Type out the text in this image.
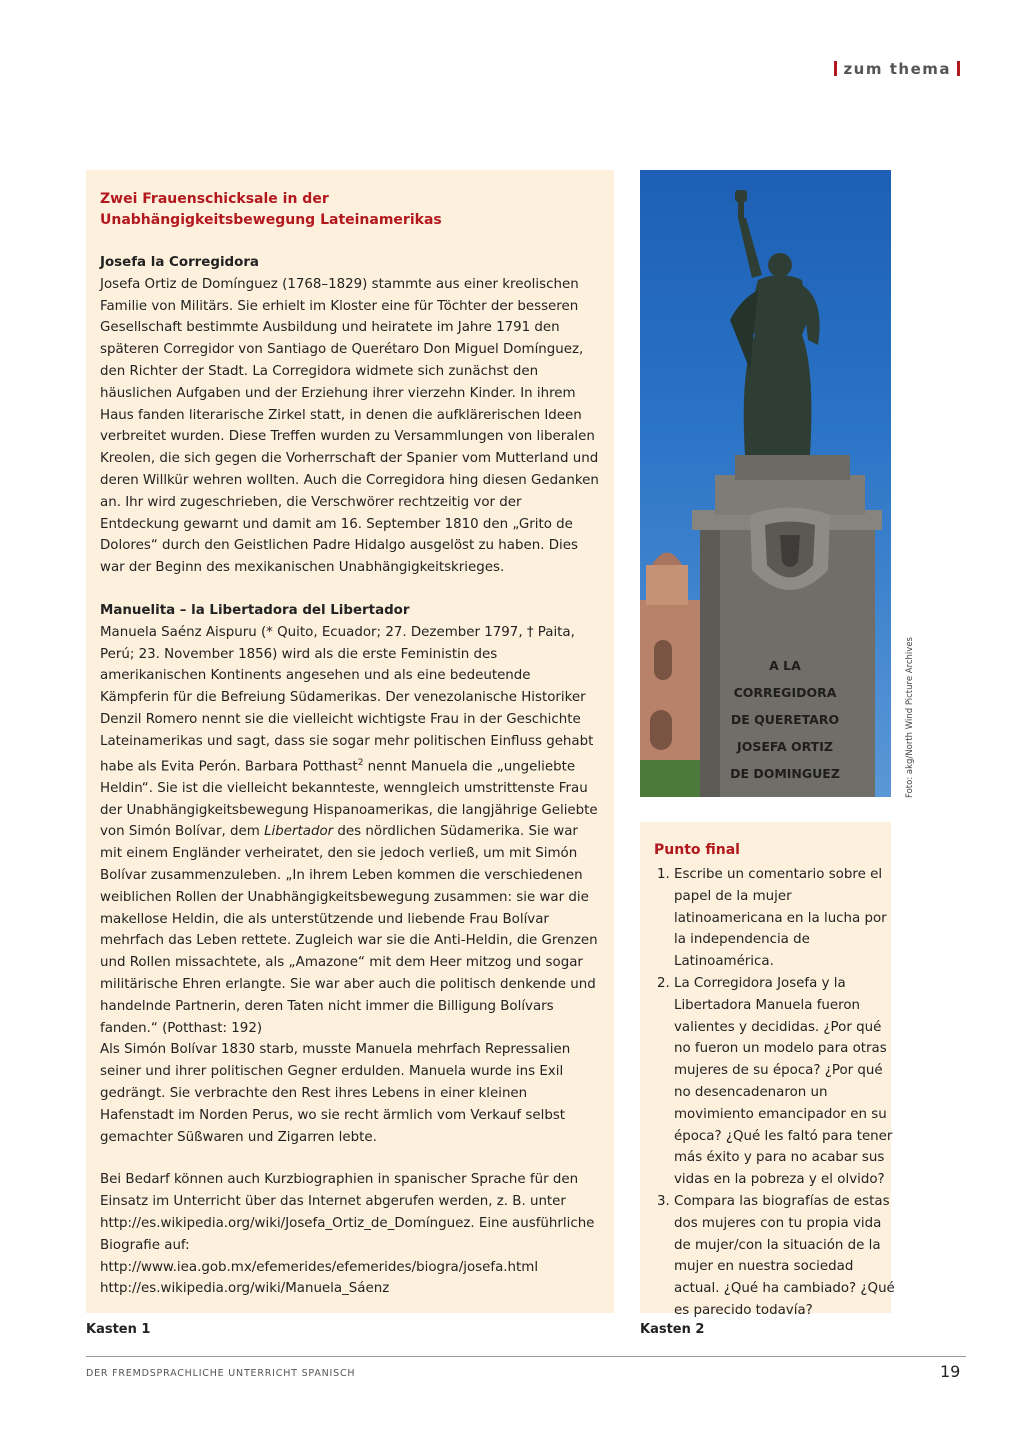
zum thema
Zwei Frauenschicksale in der
Unabhängigkeitsbewegung Lateinamerikas
Josefa la Corregidora

Josefa Ortiz de Domínguez (1768–1829) stammte aus einer kreolischen Familie von Militärs. Sie erhielt im Kloster eine für Töchter der besseren Gesellschaft bestimmte Ausbildung und heiratete im Jahre 1791 den späteren Corregidor von Santiago de Querétaro Don Miguel Domínguez, den Richter der Stadt. La Corregidora widmete sich zunächst den häuslichen Aufgaben und der Erziehung ihrer vierzehn Kinder. In ihrem Haus fanden literarische Zirkel statt, in denen die aufklärerischen Ideen verbreitet wurden. Diese Treffen wurden zu Versammlungen von liberalen Kreolen, die sich gegen die Vorherrschaft der Spanier vom Mutterland und deren Willkür wehren wollten. Auch die Corregidora hing diesen Gedanken an. Ihr wird zugeschrieben, die Verschwörer rechtzeitig vor der Entdeckung gewarnt und damit am 16. September 1810 den „Grito de Dolores“ durch den Geistlichen Padre Hidalgo ausgelöst zu haben. Dies war der Beginn des mexikanischen Unabhängigkeitskrieges.

Manuelita – la Libertadora del Libertador

Manuela Saénz Aispuru (* Quito, Ecuador; 27. Dezember 1797, † Paita, Perú; 23. November 1856) wird als die erste Feministin des amerikanischen Kontinents angesehen und als eine bedeutende Kämpferin für die Befreiung Südamerikas. Der venezolanische Historiker Denzil Romero nennt sie die vielleicht wichtigste Frau in der Geschichte Lateinamerikas und sagt, dass sie sogar mehr politischen Einfluss gehabt habe als Evita Perón. Barbara Potthast$^2$ nennt Manuela die „ungeliebte Heldin“. Sie ist die vielleicht bekannteste, wenngleich umstrittenste Frau der Unabhängigkeitsbewegung Hispanoamerikas, die langjährige Geliebte von Simón Bolívar, dem Libertador des nördlichen Südamerika. Sie war mit einem Engländer verheiratet, den sie jedoch verließ, um mit Simón Bolívar zusammenzuleben. „In ihrem Leben kommen die verschiedenen weiblichen Rollen der Unabhängigkeitsbewegung zusammen: sie war die makellose Heldin, die als unterstützende und liebende Frau Bolívar mehrfach das Leben rettete. Zugleich war sie die Anti-Heldin, die Grenzen und Rollen missachtete, als „Amazone“ mit dem Heer mitzog und sogar militärische Ehren erlangte. Sie war aber auch die politisch denkende und handelnde Partnerin, deren Taten nicht immer die Billigung Bolívars fanden.“ (Potthast: 192)

Als Simón Bolívar 1830 starb, musste Manuela mehrfach Repressalien seiner und ihrer politischen Gegner erdulden. Manuela wurde ins Exil gedrängt. Sie verbrachte den Rest ihres Lebens in einer kleinen Hafenstadt im Norden Perus, wo sie recht ärmlich vom Verkauf selbst gemachter Süßwaren und Zigarren lebte.

Bei Bedarf können auch Kurzbiographien in spanischer Sprache für den Einsatz im Unterricht über das Internet abgerufen werden, z. B. unter http://es.wikipedia.org/wiki/Josefa_Ortiz_de_Domínguez. Eine ausführliche Biografie auf: http://www.iea.gob.mx/efemerides/efemerides/biogra/josefa.html

http://es.wikipedia.org/wiki/Manuela_Sáenz

Kasten 1
A LA
CORREGIDORA
DE QUERETARO
JOSEFA ORTIZ
DE DOMINGUEZ	Foto: akg/North Wind Picture Archives
Punto final
1. Escribe un comentario sobre el papel de la mujer latinoamericana en la lucha por la independencia de Latinoamérica.
2. La Corregidora Josefa y la Libertadora Manuela fueron valientes y decididas. ¿Por qué no fueron un modelo para otras mujeres de su época? ¿Por qué no desencadenaron un movimiento emancipador en su época? ¿Qué les faltó para tener más éxito y para no acabar sus vidas en la pobreza y el olvido?
3. Compara las biografías de estas dos mujeres con tu propia vida de mujer/con la situación de la mujer en nuestra sociedad actual. ¿Qué ha cambiado? ¿Qué es parecido todavía?
Kasten 2
DER FREMDSPRACHLICHE UNTERRICHT SPANISCH	19
